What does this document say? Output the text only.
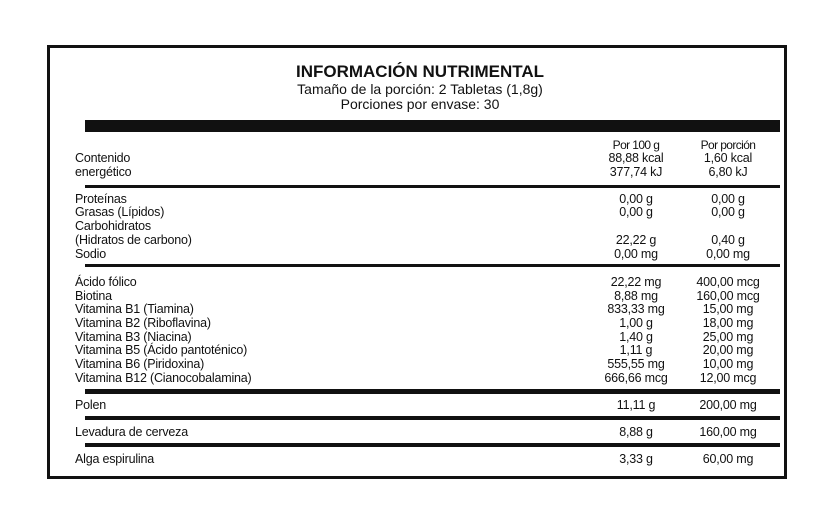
INFORMACIÓN NUTRIMENTAL
Tamaño de la porción: 2 Tabletas (1,8g)
Porciones por envase: 30
Por 100 g	Por porción
Contenido
energético
88,88 kcal	1,60 kcal
377,74 kJ	6,80 kJ
Proteínas	0,00 g	0,00 g
Grasas (Lípidos)	0,00 g	0,00 g
Carbohidratos
(Hidratos de carbono)	22,22 g	0,40 g
Sodio	0,00 mg	0,00 mg
Ácido fólico	22,22 mg	400,00 mcg
Biotina	8,88 mg	160,00 mcg
Vitamina B1 (Tiamina)	833,33 mg	15,00 mg
Vitamina B2 (Riboflavina)	1,00 g	18,00 mg
Vitamina B3 (Niacina)	1,40 g	25,00 mg
Vitamina B5 (Ácido pantoténico)	1,11 g	20,00 mg
Vitamina B6 (Piridoxina)	555,55 mg	10,00 mg
Vitamina B12 (Cianocobalamina)	666,66 mcg	12,00 mcg
Polen	11,11 g	200,00 mg
Levadura de cerveza	8,88 g	160,00 mg
Alga espirulina	3,33 g	60,00 mg
